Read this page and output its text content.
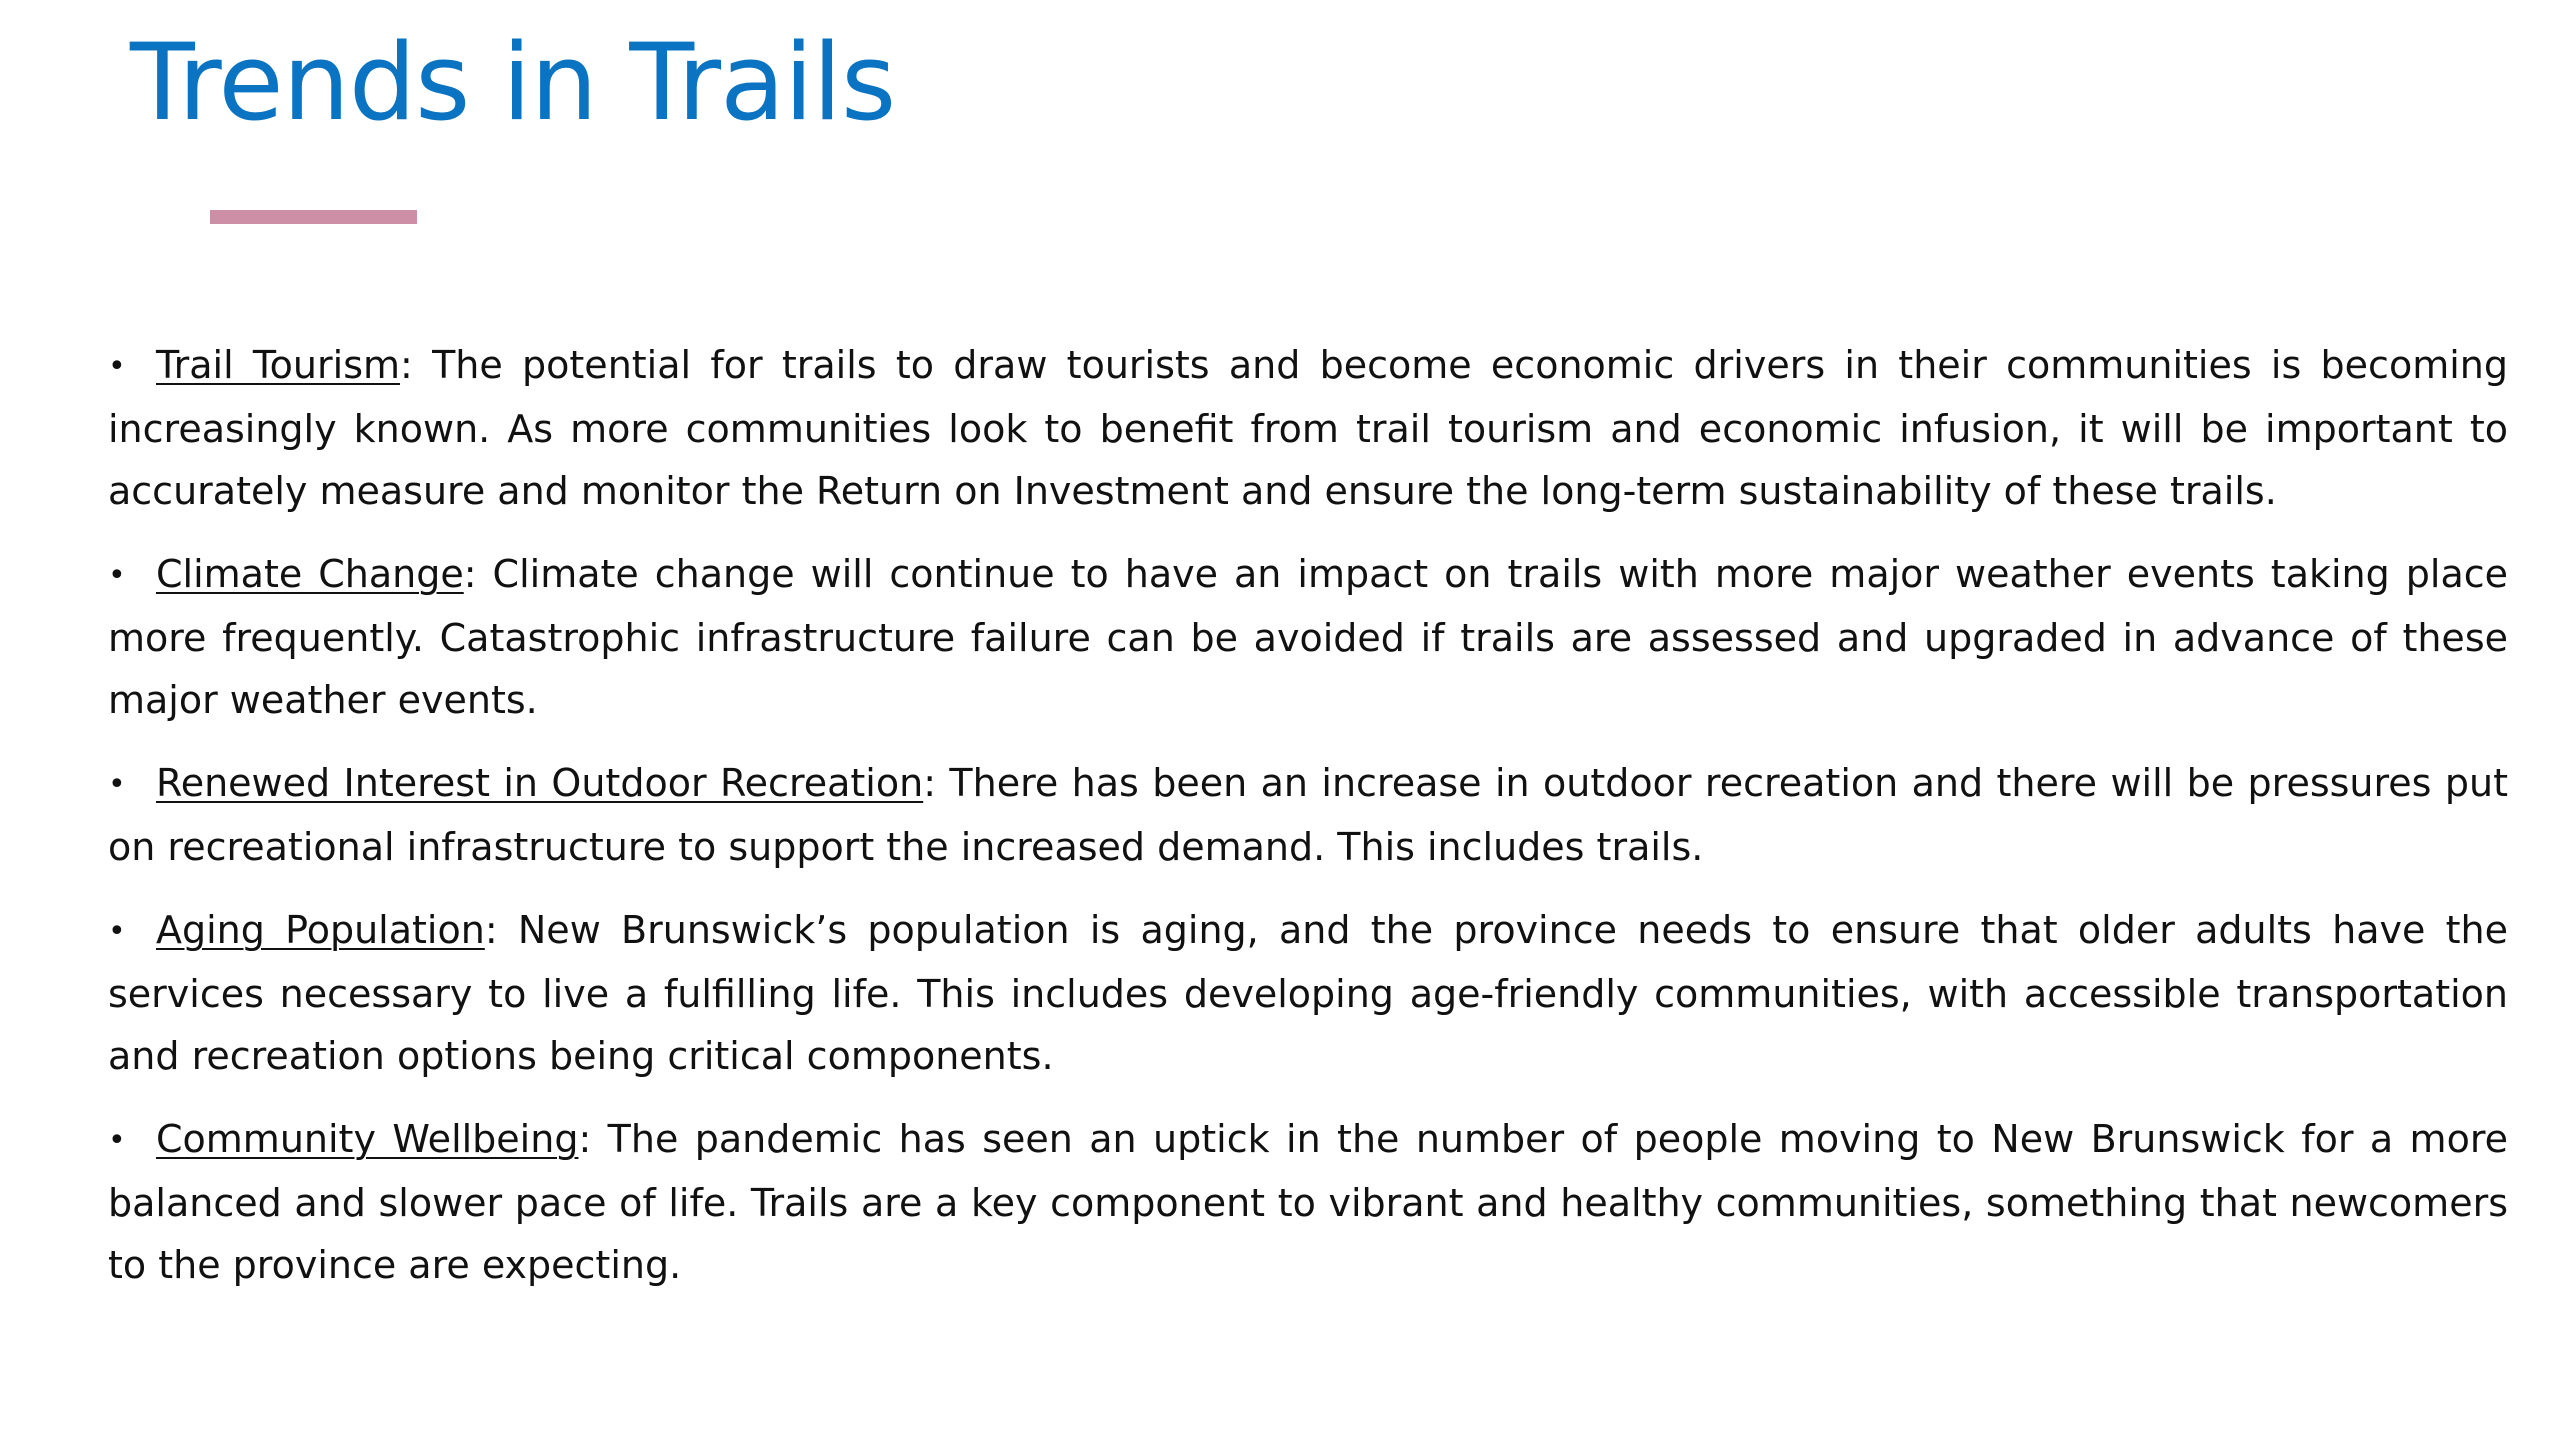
Trends in Trails
• Trail Tourism: The potential for trails to draw tourists and become economic drivers in their communities is becoming increasingly known. As more communities look to benefit from trail tourism and economic infusion, it will be important to accurately measure and monitor the Return on Investment and ensure the long-term sustainability of these trails.
• Climate Change: Climate change will continue to have an impact on trails with more major weather events taking place more frequently. Catastrophic infrastructure failure can be avoided if trails are assessed and upgraded in advance of these major weather events.
• Renewed Interest in Outdoor Recreation: There has been an increase in outdoor recreation and there will be pressures put on recreational infrastructure to support the increased demand. This includes trails.
• Aging Population: New Brunswick’s population is aging, and the province needs to ensure that older adults have the services necessary to live a fulfilling life. This includes developing age-friendly communities, with accessible transportation and recreation options being critical components.
• Community Wellbeing: The pandemic has seen an uptick in the number of people moving to New Brunswick for a more balanced and slower pace of life. Trails are a key component to vibrant and healthy communities, something that newcomers to the province are expecting.
